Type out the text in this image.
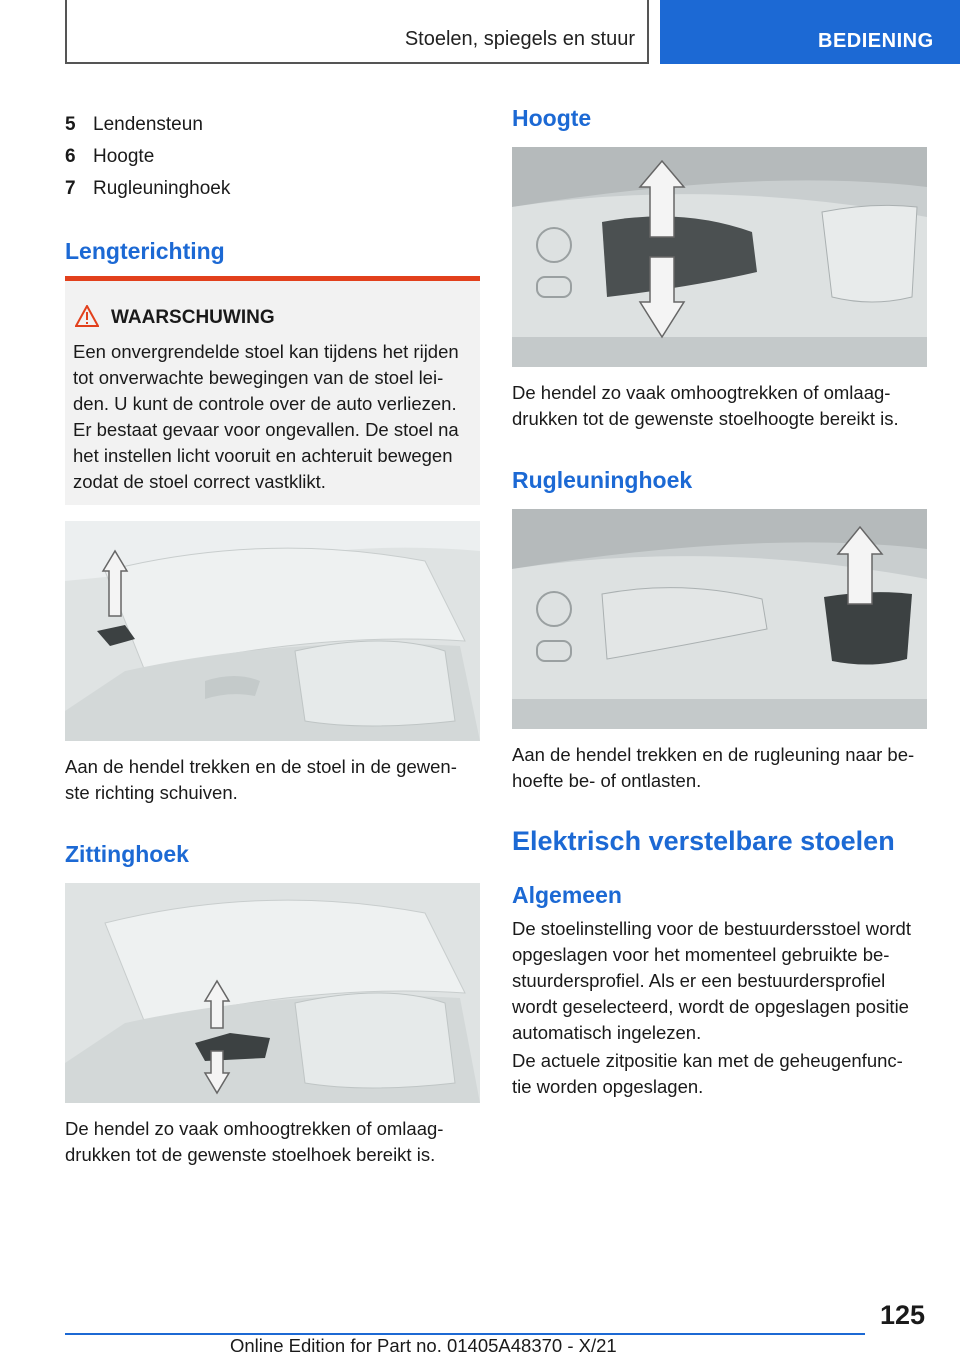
Stoelen, spiegels en stuur	BEDIENING
5 Lendensteun
6 Hoogte
7 Rugleuninghoek
Lengterichting
WAARSCHUWING

Een onvergrendelde stoel kan tijdens het rijden
tot onverwachte bewegingen van de stoel lei-
den. U kunt de controle over de auto verliezen.
Er bestaat gevaar voor ongevallen. De stoel na
het instellen licht vooruit en achteruit bewegen
zodat de stoel correct vastklikt.

Aan de hendel trekken en de stoel in de gewen-
ste richting schuiven.

Zittinghoek

De hendel zo vaak omhoogtrekken of omlaag-
drukken tot de gewenste stoelhoek bereikt is.

Hoogte

De hendel zo vaak omhoogtrekken of omlaag-
drukken tot de gewenste stoelhoogte bereikt is.

Rugleuninghoek

Aan de hendel trekken en de rugleuning naar be-
hoefte be- of ontlasten.

Elektrisch verstelbare stoelen
Algemeen

De stoelinstelling voor de bestuurdersstoel wordt
opgeslagen voor het momenteel gebruikte be-
stuurdersprofiel. Als er een bestuurdersprofiel
wordt geselecteerd, wordt de opgeslagen positie
automatisch ingelezen.

De actuele zitpositie kan met de geheugenfunc-
tie worden opgeslagen.

125
Online Edition for Part no. 01405A48370 - X/21
